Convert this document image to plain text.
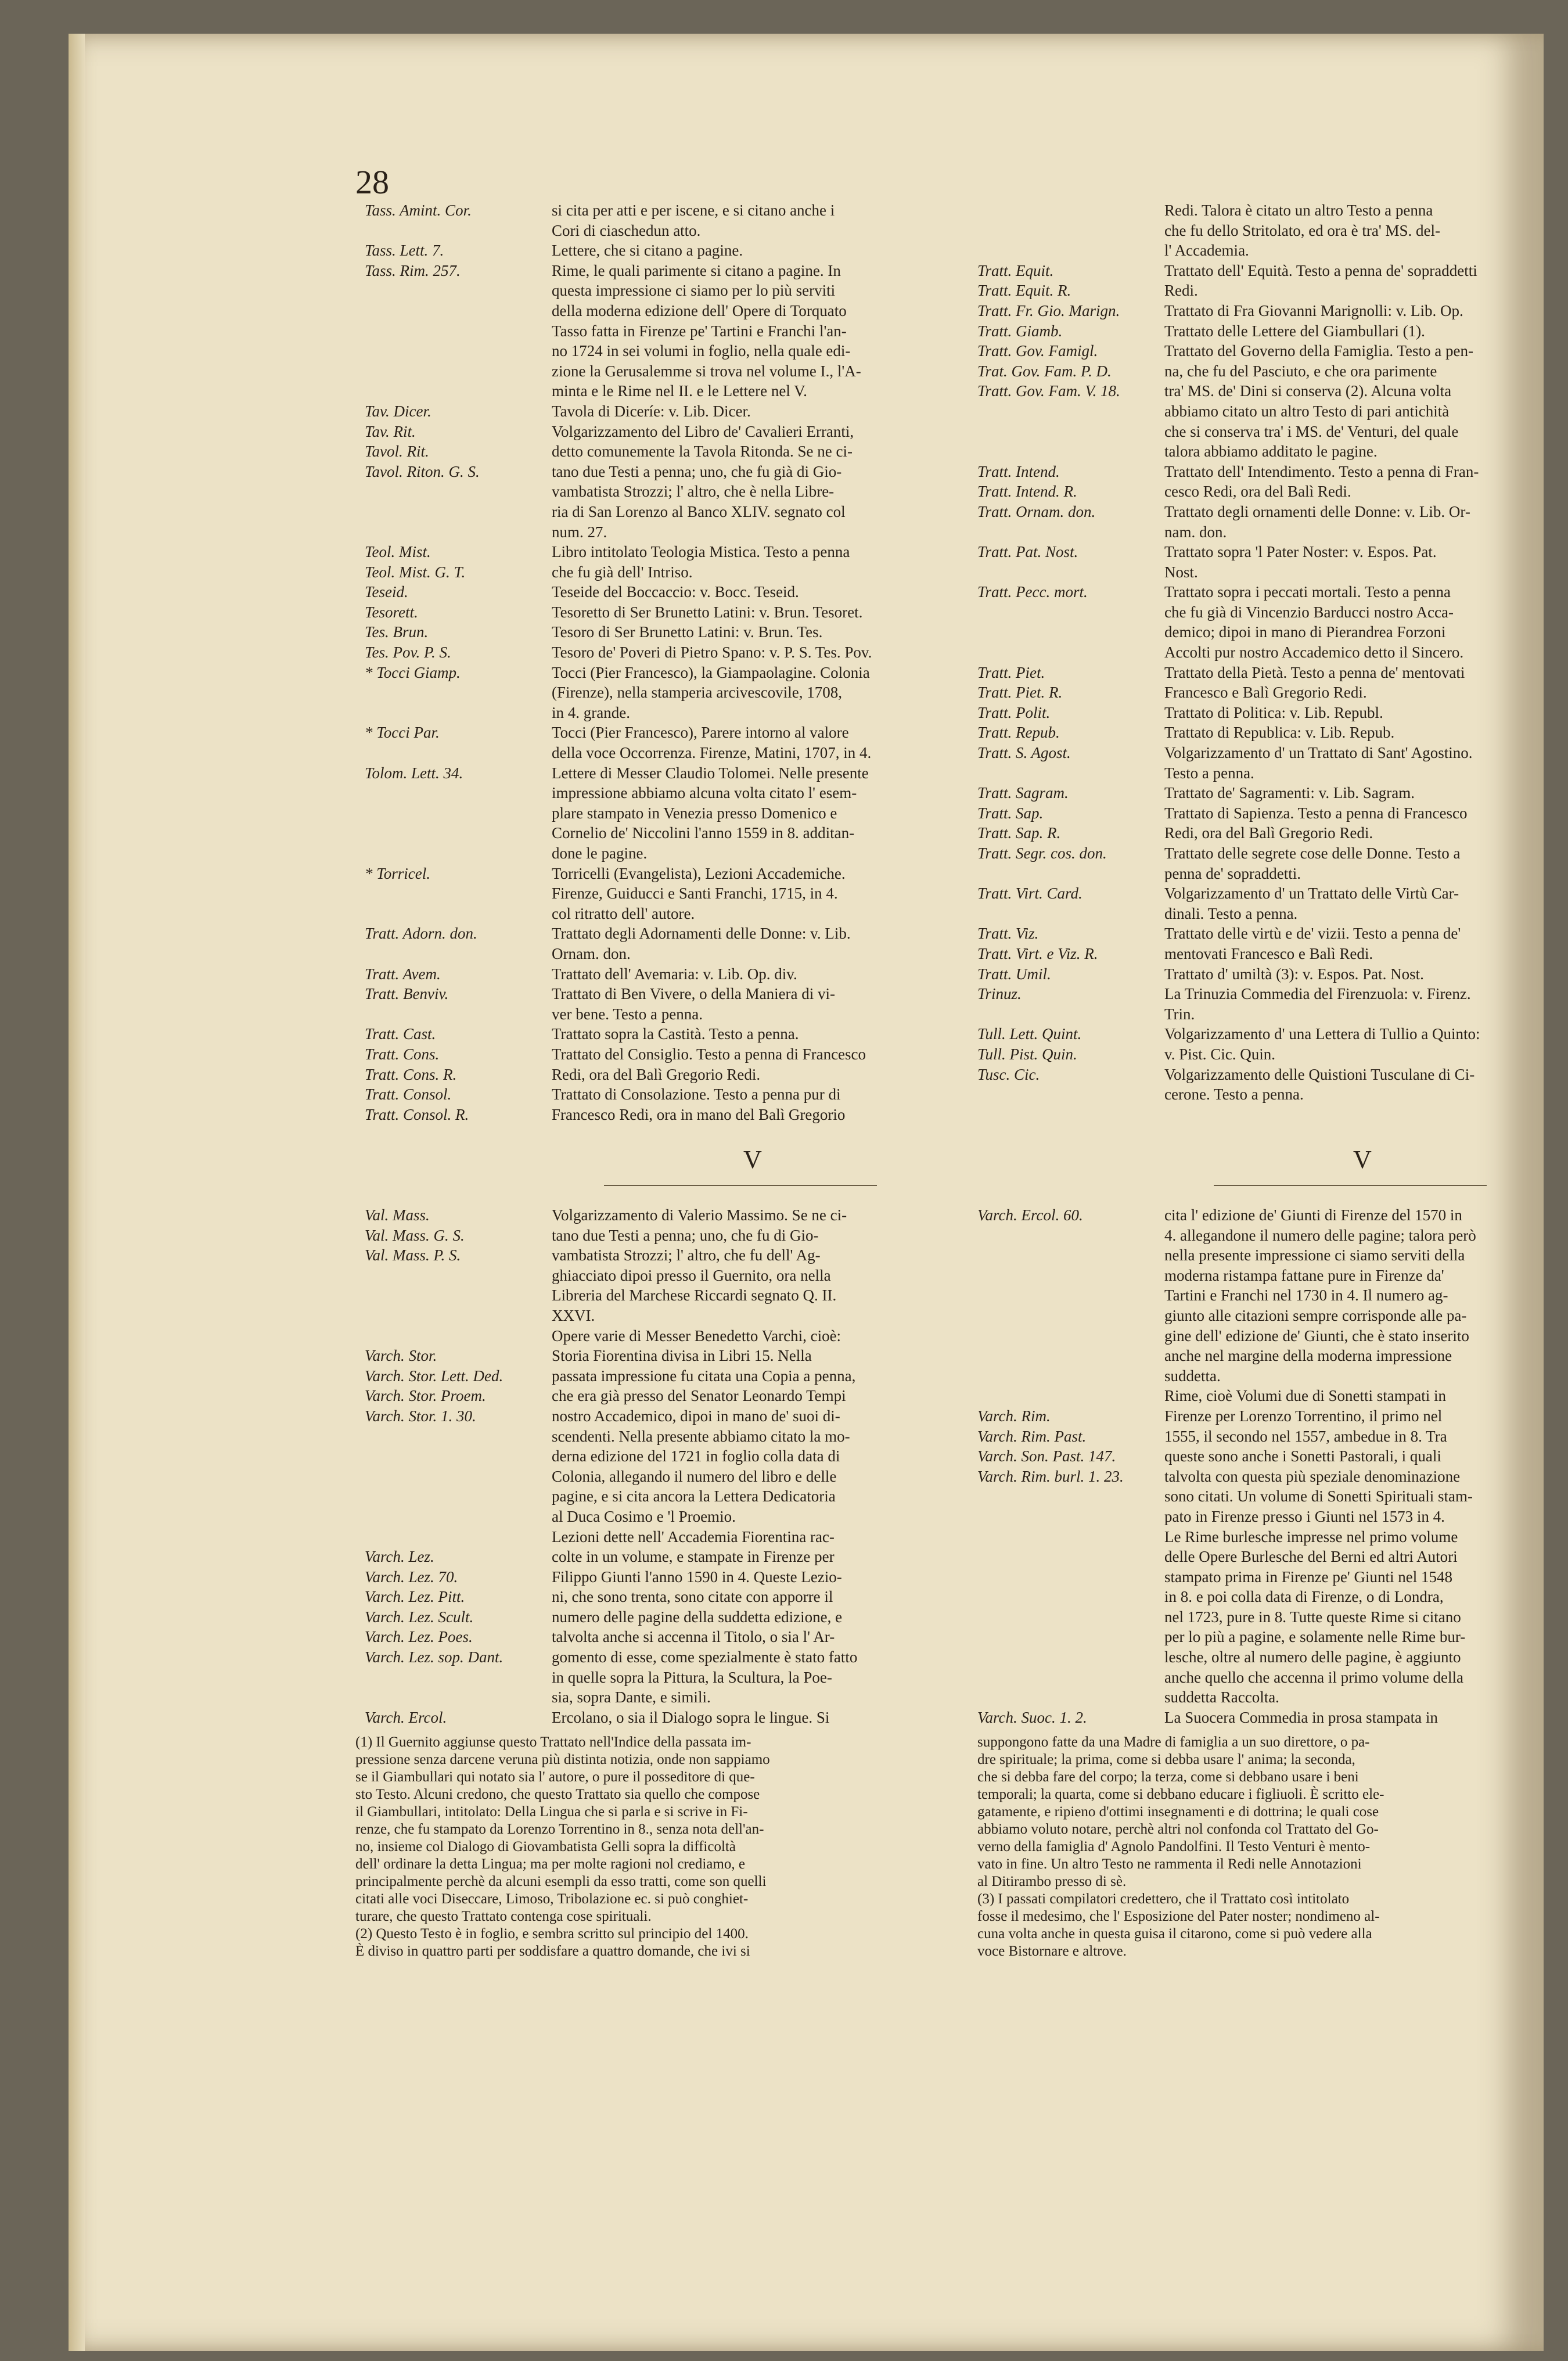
28
Tass. Amint. Cor.	si cita per atti e per iscene, e si citano anche i
Cori di ciaschedun atto.
Tass. Lett. 7.	Lettere, che si citano a pagine.
Tass. Rim. 257.	Rime, le quali parimente si citano a pagine. In
questa impressione ci siamo per lo più serviti
della moderna edizione dell' Opere di Torquato
Tasso fatta in Firenze pe' Tartini e Franchi l'an-
no 1724 in sei volumi in foglio, nella quale edi-
zione la Gerusalemme si trova nel volume I., l'A-
minta e le Rime nel II. e le Lettere nel V.
Tav. Dicer.	Tavola di Diceríe: v. Lib. Dicer.
Tav. Rit.	Volgarizzamento del Libro de' Cavalieri Erranti,
Tavol. Rit.	detto comunemente la Tavola Ritonda. Se ne ci-
Tavol. Riton. G. S.	tano due Testi a penna; uno, che fu già di Gio-
vambatista Strozzi; l' altro, che è nella Libre-
ria di San Lorenzo al Banco XLIV. segnato col
num. 27.
Teol. Mist.	Libro intitolato Teologia Mistica. Testo a penna
Teol. Mist. G. T.	che fu già dell' Intriso.
Teseid.	Teseide del Boccaccio: v. Bocc. Teseid.
Tesorett.	Tesoretto di Ser Brunetto Latini: v. Brun. Tesoret.
Tes. Brun.	Tesoro di Ser Brunetto Latini: v. Brun. Tes.
Tes. Pov. P. S.	Tesoro de' Poveri di Pietro Spano: v. P. S. Tes. Pov.
* Tocci Giamp.	Tocci (Pier Francesco), la Giampaolagine. Colonia
(Firenze), nella stamperia arcivescovile, 1708,
in 4. grande.
* Tocci Par.	Tocci (Pier Francesco), Parere intorno al valore
della voce Occorrenza. Firenze, Matini, 1707, in 4.
Tolom. Lett. 34.	Lettere di Messer Claudio Tolomei. Nelle presente
impressione abbiamo alcuna volta citato l' esem-
plare stampato in Venezia presso Domenico e
Cornelio de' Niccolini l'anno 1559 in 8. additan-
done le pagine.
* Torricel.	Torricelli (Evangelista), Lezioni Accademiche.
Firenze, Guiducci e Santi Franchi, 1715, in 4.
col ritratto dell' autore.
Tratt. Adorn. don.	Trattato degli Adornamenti delle Donne: v. Lib.
Ornam. don.
Tratt. Avem.	Trattato dell' Avemaria: v. Lib. Op. div.
Tratt. Benviv.	Trattato di Ben Vivere, o della Maniera di vi-
ver bene. Testo a penna.
Tratt. Cast.	Trattato sopra la Castità. Testo a penna.
Tratt. Cons.	Trattato del Consiglio. Testo a penna di Francesco
Tratt. Cons. R.	Redi, ora del Balì Gregorio Redi.
Tratt. Consol.	Trattato di Consolazione. Testo a penna pur di
Tratt. Consol. R.	Francesco Redi, ora in mano del Balì Gregorio
Redi. Talora è citato un altro Testo a penna
che fu dello Stritolato, ed ora è tra' MS. del-
l' Accademia.
Tratt. Equit.	Trattato dell' Equità. Testo a penna de' sopraddetti
Tratt. Equit. R.	Redi.
Tratt. Fr. Gio. Marign.	Trattato di Fra Giovanni Marignolli: v. Lib. Op.
Tratt. Giamb.	Trattato delle Lettere del Giambullari (1).
Tratt. Gov. Famigl.	Trattato del Governo della Famiglia. Testo a pen-
Trat. Gov. Fam. P. D.	na, che fu del Pasciuto, e che ora parimente
Tratt. Gov. Fam. V. 18.	tra' MS. de' Dini si conserva (2). Alcuna volta
abbiamo citato un altro Testo di pari antichità
che si conserva tra' i MS. de' Venturi, del quale
talora abbiamo additato le pagine.
Tratt. Intend.	Trattato dell' Intendimento. Testo a penna di Fran-
Tratt. Intend. R.	cesco Redi, ora del Balì Redi.
Tratt. Ornam. don.	Trattato degli ornamenti delle Donne: v. Lib. Or-
nam. don.
Tratt. Pat. Nost.	Trattato sopra 'l Pater Noster: v. Espos. Pat.
Nost.
Tratt. Pecc. mort.	Trattato sopra i peccati mortali. Testo a penna
che fu già di Vincenzio Barducci nostro Acca-
demico; dipoi in mano di Pierandrea Forzoni
Accolti pur nostro Accademico detto il Sincero.
Tratt. Piet.	Trattato della Pietà. Testo a penna de' mentovati
Tratt. Piet. R.	Francesco e Balì Gregorio Redi.
Tratt. Polit.	Trattato di Politica: v. Lib. Republ.
Tratt. Repub.	Trattato di Republica: v. Lib. Repub.
Tratt. S. Agost.	Volgarizzamento d' un Trattato di Sant' Agostino.
Testo a penna.
Tratt. Sagram.	Trattato de' Sagramenti: v. Lib. Sagram.
Tratt. Sap.	Trattato di Sapienza. Testo a penna di Francesco
Tratt. Sap. R.	Redi, ora del Balì Gregorio Redi.
Tratt. Segr. cos. don.	Trattato delle segrete cose delle Donne. Testo a
penna de' sopraddetti.
Tratt. Virt. Card.	Volgarizzamento d' un Trattato delle Virtù Car-
dinali. Testo a penna.
Tratt. Viz.	Trattato delle virtù e de' vizii. Testo a penna de'
Tratt. Virt. e Viz. R.	mentovati Francesco e Balì Redi.
Tratt. Umil.	Trattato d' umiltà (3): v. Espos. Pat. Nost.
Trinuz.	La Trinuzia Commedia del Firenzuola: v. Firenz.
Trin.
Tull. Lett. Quint.	Volgarizzamento d' una Lettera di Tullio a Quinto:
Tull. Pist. Quin.	v. Pist. Cic. Quin.
Tusc. Cic.	Volgarizzamento delle Quistioni Tusculane di Ci-
cerone. Testo a penna.
V	V
Val. Mass.	Volgarizzamento di Valerio Massimo. Se ne ci-
Val. Mass. G. S.	tano due Testi a penna; uno, che fu di Gio-
Val. Mass. P. S.	vambatista Strozzi; l' altro, che fu dell' Ag-
ghiacciato dipoi presso il Guernito, ora nella
Libreria del Marchese Riccardi segnato Q. II.
XXVI.
Opere varie di Messer Benedetto Varchi, cioè:
Varch. Stor.	Storia Fiorentina divisa in Libri 15. Nella
Varch. Stor. Lett. Ded.	passata impressione fu citata una Copia a penna,
Varch. Stor. Proem.	che era già presso del Senator Leonardo Tempi
Varch. Stor. 1. 30.	nostro Accademico, dipoi in mano de' suoi di-
scendenti. Nella presente abbiamo citato la mo-
derna edizione del 1721 in foglio colla data di
Colonia, allegando il numero del libro e delle
pagine, e si cita ancora la Lettera Dedicatoria
al Duca Cosimo e 'l Proemio.
Lezioni dette nell' Accademia Fiorentina rac-
Varch. Lez.	colte in un volume, e stampate in Firenze per
Varch. Lez. 70.	Filippo Giunti l'anno 1590 in 4. Queste Lezio-
Varch. Lez. Pitt.	ni, che sono trenta, sono citate con apporre il
Varch. Lez. Scult.	numero delle pagine della suddetta edizione, e
Varch. Lez. Poes.	talvolta anche si accenna il Titolo, o sia l' Ar-
Varch. Lez. sop. Dant.	gomento di esse, come spezialmente è stato fatto
in quelle sopra la Pittura, la Scultura, la Poe-
sia, sopra Dante, e simili.
Varch. Ercol.	Ercolano, o sia il Dialogo sopra le lingue. Si
Varch. Ercol. 60.	cita l' edizione de' Giunti di Firenze del 1570 in
4. allegandone il numero delle pagine; talora però
nella presente impressione ci siamo serviti della
moderna ristampa fattane pure in Firenze da'
Tartini e Franchi nel 1730 in 4. Il numero ag-
giunto alle citazioni sempre corrisponde alle pa-
gine dell' edizione de' Giunti, che è stato inserito
anche nel margine della moderna impressione
suddetta.
Rime, cioè Volumi due di Sonetti stampati in
Varch. Rim.	Firenze per Lorenzo Torrentino, il primo nel
Varch. Rim. Past.	1555, il secondo nel 1557, ambedue in 8. Tra
Varch. Son. Past. 147.	queste sono anche i Sonetti Pastorali, i quali
Varch. Rim. burl. 1. 23.	talvolta con questa più speziale denominazione
sono citati. Un volume di Sonetti Spirituali stam-
pato in Firenze presso i Giunti nel 1573 in 4.
Le Rime burlesche impresse nel primo volume
delle Opere Burlesche del Berni ed altri Autori
stampato prima in Firenze pe' Giunti nel 1548
in 8. e poi colla data di Firenze, o di Londra,
nel 1723, pure in 8. Tutte queste Rime si citano
per lo più a pagine, e solamente nelle Rime bur-
lesche, oltre al numero delle pagine, è aggiunto
anche quello che accenna il primo volume della
suddetta Raccolta.
Varch. Suoc. 1. 2.	La Suocera Commedia in prosa stampata in
(1) Il Guernito aggiunse questo Trattato nell'Indice della passata im-
pressione senza darcene veruna più distinta notizia, onde non sappiamo
se il Giambullari qui notato sia l' autore, o pure il posseditore di que-
sto Testo. Alcuni credono, che questo Trattato sia quello che compose
il Giambullari, intitolato: Della Lingua che si parla e si scrive in Fi-
renze, che fu stampato da Lorenzo Torrentino in 8., senza nota dell'an-
no, insieme col Dialogo di Giovambatista Gelli sopra la difficoltà
dell' ordinare la detta Lingua; ma per molte ragioni nol crediamo, e
principalmente perchè da alcuni esempli da esso tratti, come son quelli
citati alle voci Diseccare, Limoso, Tribolazione ec. si può conghiet-
turare, che questo Trattato contenga cose spirituali.
(2) Questo Testo è in foglio, e sembra scritto sul principio del 1400.
È diviso in quattro parti per soddisfare a quattro domande, che ivi si
suppongono fatte da una Madre di famiglia a un suo direttore, o pa-
dre spirituale; la prima, come si debba usare l' anima; la seconda,
che si debba fare del corpo; la terza, come si debbano usare i beni
temporali; la quarta, come si debbano educare i figliuoli. È scritto ele-
gatamente, e ripieno d'ottimi insegnamenti e di dottrina; le quali cose
abbiamo voluto notare, perchè altri nol confonda col Trattato del Go-
verno della famiglia d' Agnolo Pandolfini. Il Testo Venturi è mento-
vato in fine. Un altro Testo ne rammenta il Redi nelle Annotazioni
al Ditirambo presso di sè.
(3) I passati compilatori credettero, che il Trattato così intitolato
fosse il medesimo, che l' Esposizione del Pater noster; nondimeno al-
cuna volta anche in questa guisa il citarono, come si può vedere alla
voce Bistornare e altrove.
